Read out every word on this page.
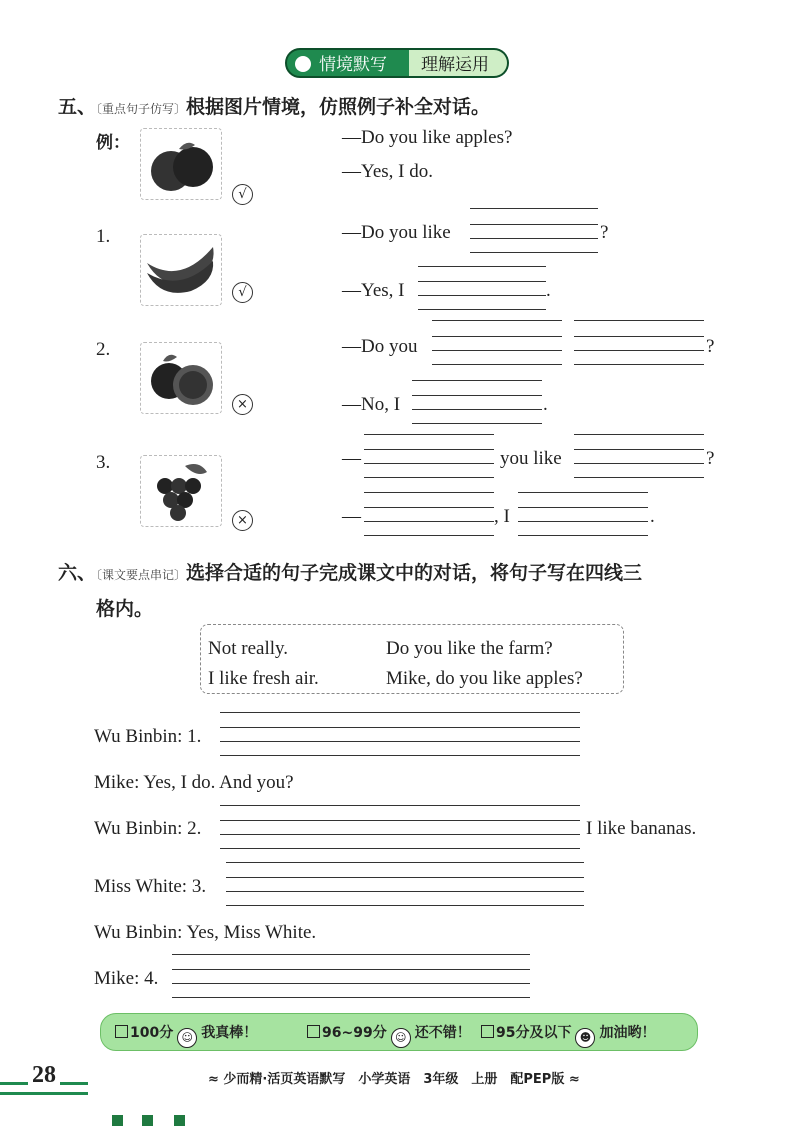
情境默写	理解运用
五、〔重点句子仿写〕根据图片情境，仿照例子补全对话。
例：
√
—Do you like apples?
—Yes, I do.
1.
√
—Do you like	?
—Yes, I	.
2.
×
—Do you	?
—No, I	.
3.
×
—	you like	?
—	, I	.
六、〔课文要点串记〕选择合适的句子完成课文中的对话，将句子写在四线三
格内。
Not really.	Do you like the farm?
I like fresh air.	Mike, do you like apples?
Wu Binbin: 1.
Mike: Yes, I do. And you?
Wu Binbin: 2.	I like bananas.
Miss White: 3.
Wu Binbin: Yes, Miss White.
Mike: 4.
100分 ☺ 我真棒！	96~99分 ☺ 还不错！	95分及以下 ☻ 加油哟！
28	≈ 少而精·活页英语默写　小学英语　3年级　上册　配PEP版 ≈
